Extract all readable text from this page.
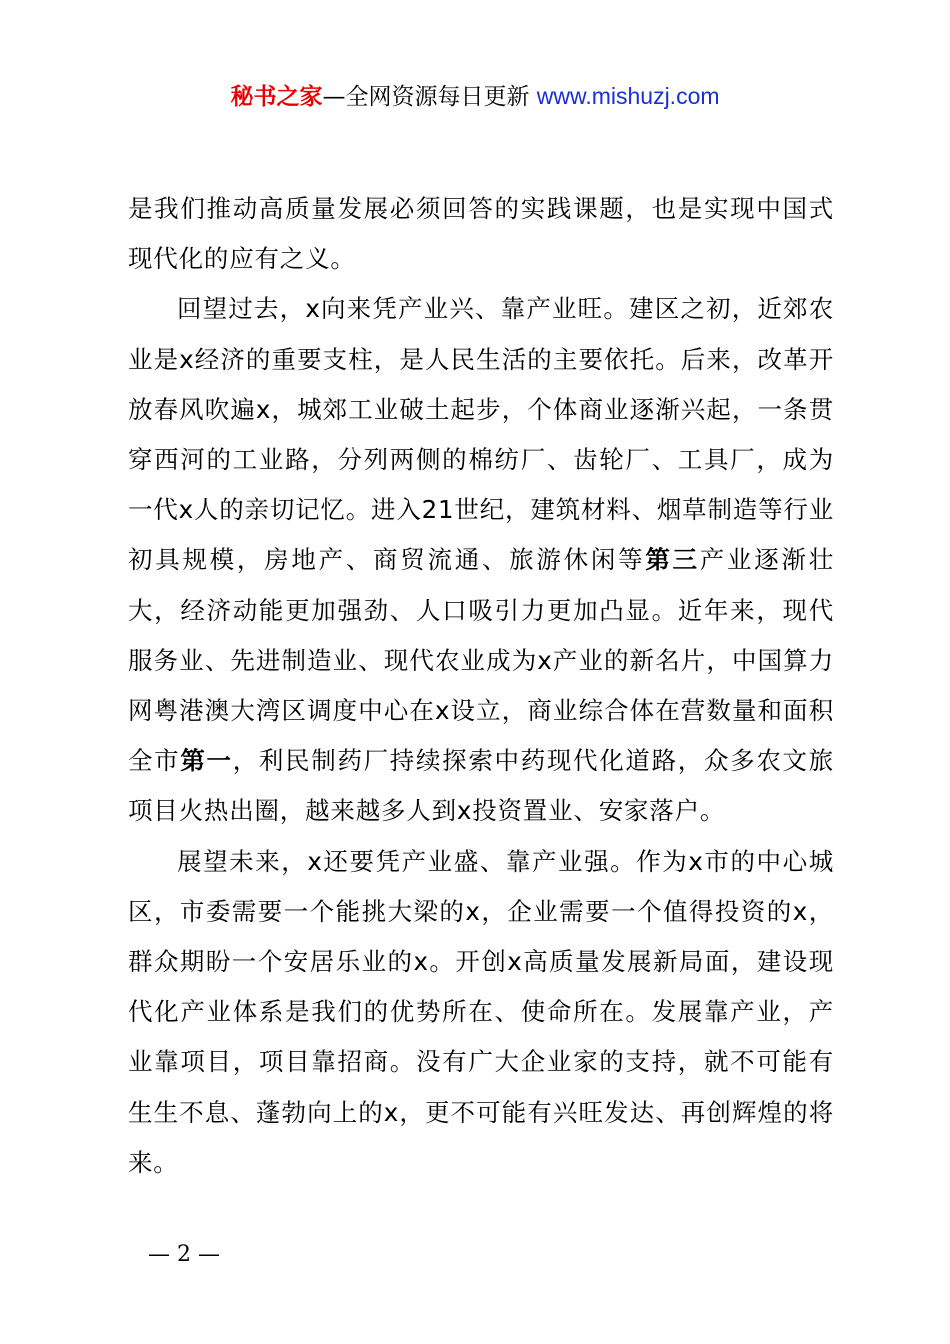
秘书之家—全网资源每日更新 www.mishuzj.com

是我们推动高质量发展必须回答的实践课题，也是实现中国式现代化的应有之义。

回望过去，x向来凭产业兴、靠产业旺。建区之初，近郊农业是x经济的重要支柱，是人民生活的主要依托。后来，改革开放春风吹遍x，城郊工业破土起步，个体商业逐渐兴起，一条贯穿西河的工业路，分列两侧的棉纺厂、齿轮厂、工具厂，成为一代x人的亲切记忆。进入21世纪，建筑材料、烟草制造等行业初具规模，房地产、商贸流通、旅游休闲等第三产业逐渐壮大，经济动能更加强劲、人口吸引力更加凸显。近年来，现代服务业、先进制造业、现代农业成为x产业的新名片，中国算力网粤港澳大湾区调度中心在x设立，商业综合体在营数量和面积全市第一，利民制药厂持续探索中药现代化道路，众多农文旅项目火热出圈，越来越多人到x投资置业、安家落户。

展望未来，x还要凭产业盛、靠产业强。作为x市的中心城区，市委需要一个能挑大梁的x，企业需要一个值得投资的x，群众期盼一个安居乐业的x。开创x高质量发展新局面，建设现代化产业体系是我们的优势所在、使命所在。发展靠产业，产业靠项目，项目靠招商。没有广大企业家的支持，就不可能有生生不息、蓬勃向上的x，更不可能有兴旺发达、再创辉煌的将来。

— 2 —
